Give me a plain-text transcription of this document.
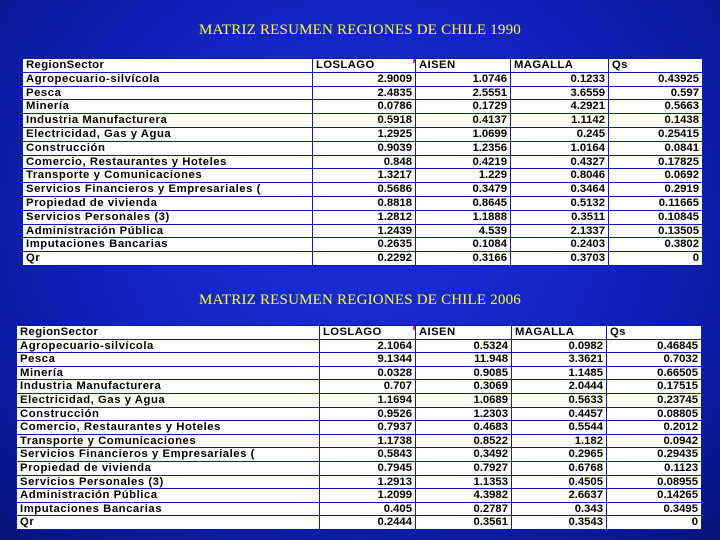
MATRIZ RESUMEN REGIONES DE CHILE 1990
RegionSector	LOSLAGO	AISEN	MAGALLA	Qs
Agropecuario-silvícola	2.9009	1.0746	0.1233	0.43925
Pesca	2.4835	2.5551	3.6559	0.597
Minería	0.0786	0.1729	4.2921	0.5663
Industria Manufacturera	0.5918	0.4137	1.1142	0.1438
Electricidad, Gas y Agua	1.2925	1.0699	0.245	0.25415
Construcción	0.9039	1.2356	1.0164	0.0841
Comercio, Restaurantes y Hoteles	0.848	0.4219	0.4327	0.17825
Transporte y Comunicaciones	1.3217	1.229	0.8046	0.0692
Servicios Financieros y Empresariales (	0.5686	0.3479	0.3464	0.2919
Propiedad de vivienda	0.8818	0.8645	0.5132	0.11665
Servicios Personales (3)	1.2812	1.1888	0.3511	0.10845
Administración Pública	1.2439	4.539	2.1337	0.13505
Imputaciones Bancarias	0.2635	0.1084	0.2403	0.3802
Qr	0.2292	0.3166	0.3703	0
MATRIZ RESUMEN REGIONES DE CHILE 2006
RegionSector	LOSLAGO	AISEN	MAGALLA	Qs
Agropecuario-silvícola	2.1064	0.5324	0.0982	0.46845
Pesca	9.1344	11.948	3.3621	0.7032
Minería	0.0328	0.9085	1.1485	0.66505
Industria Manufacturera	0.707	0.3069	2.0444	0.17515
Electricidad, Gas y Agua	1.1694	1.0689	0.5633	0.23745
Construcción	0.9526	1.2303	0.4457	0.08805
Comercio, Restaurantes y Hoteles	0.7937	0.4683	0.5544	0.2012
Transporte y Comunicaciones	1.1738	0.8522	1.182	0.0942
Servicios Financieros y Empresariales (	0.5843	0.3492	0.2965	0.29435
Propiedad de vivienda	0.7945	0.7927	0.6768	0.1123
Servicios Personales (3)	1.2913	1.1353	0.4505	0.08955
Administración Pública	1.2099	4.3982	2.6637	0.14265
Imputaciones Bancarias	0.405	0.2787	0.343	0.3495
Qr	0.2444	0.3561	0.3543	0
